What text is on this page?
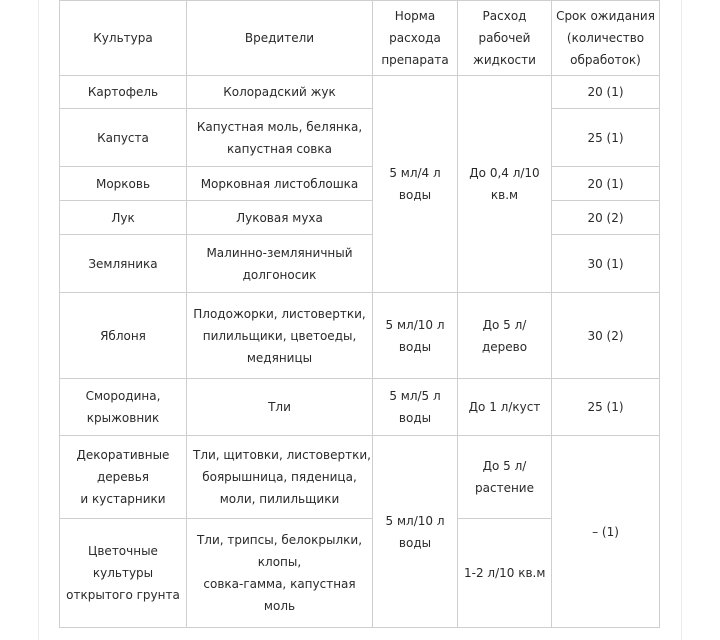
Культура	Вредители	Норма
расхода
препарата	Расход
рабочей
жидкости	Срок ожидания
(количество
обработок)

Картофель	Колорадский жук	5 мл/4 л
воды	До 0,4 л/10
кв.м	20 (1)

Капуста	Капустная моль, белянка,
капустная совка			25 (1)

Морковь	Морковная листоблошка			20 (1)

Лук	Луковая муха			20 (2)

Земляника	Малинно-земляничный
долгоносик			30 (1)

Яблоня	Плодожорки, листовертки,
пилильщики, цветоеды,
медяницы	5 мл/10 л
воды	До 5 л/
дерево	30 (2)

Смородина,
крыжовник	Тли	5 мл/5 л
воды	До 1 л/куст	25 (1)

Декоративные
деревья
и кустарники	Тли, щитовки, листовертки,
боярышница, пяденица,
моли, пилильщики	5 мл/10 л
воды	До 5 л/
растение	– (1)

Цветочные
культуры
открытого грунта	Тли, трипсы, белокрылки,
клопы,
совка-гамма, капустная
моль		1-2 л/10 кв.м	
